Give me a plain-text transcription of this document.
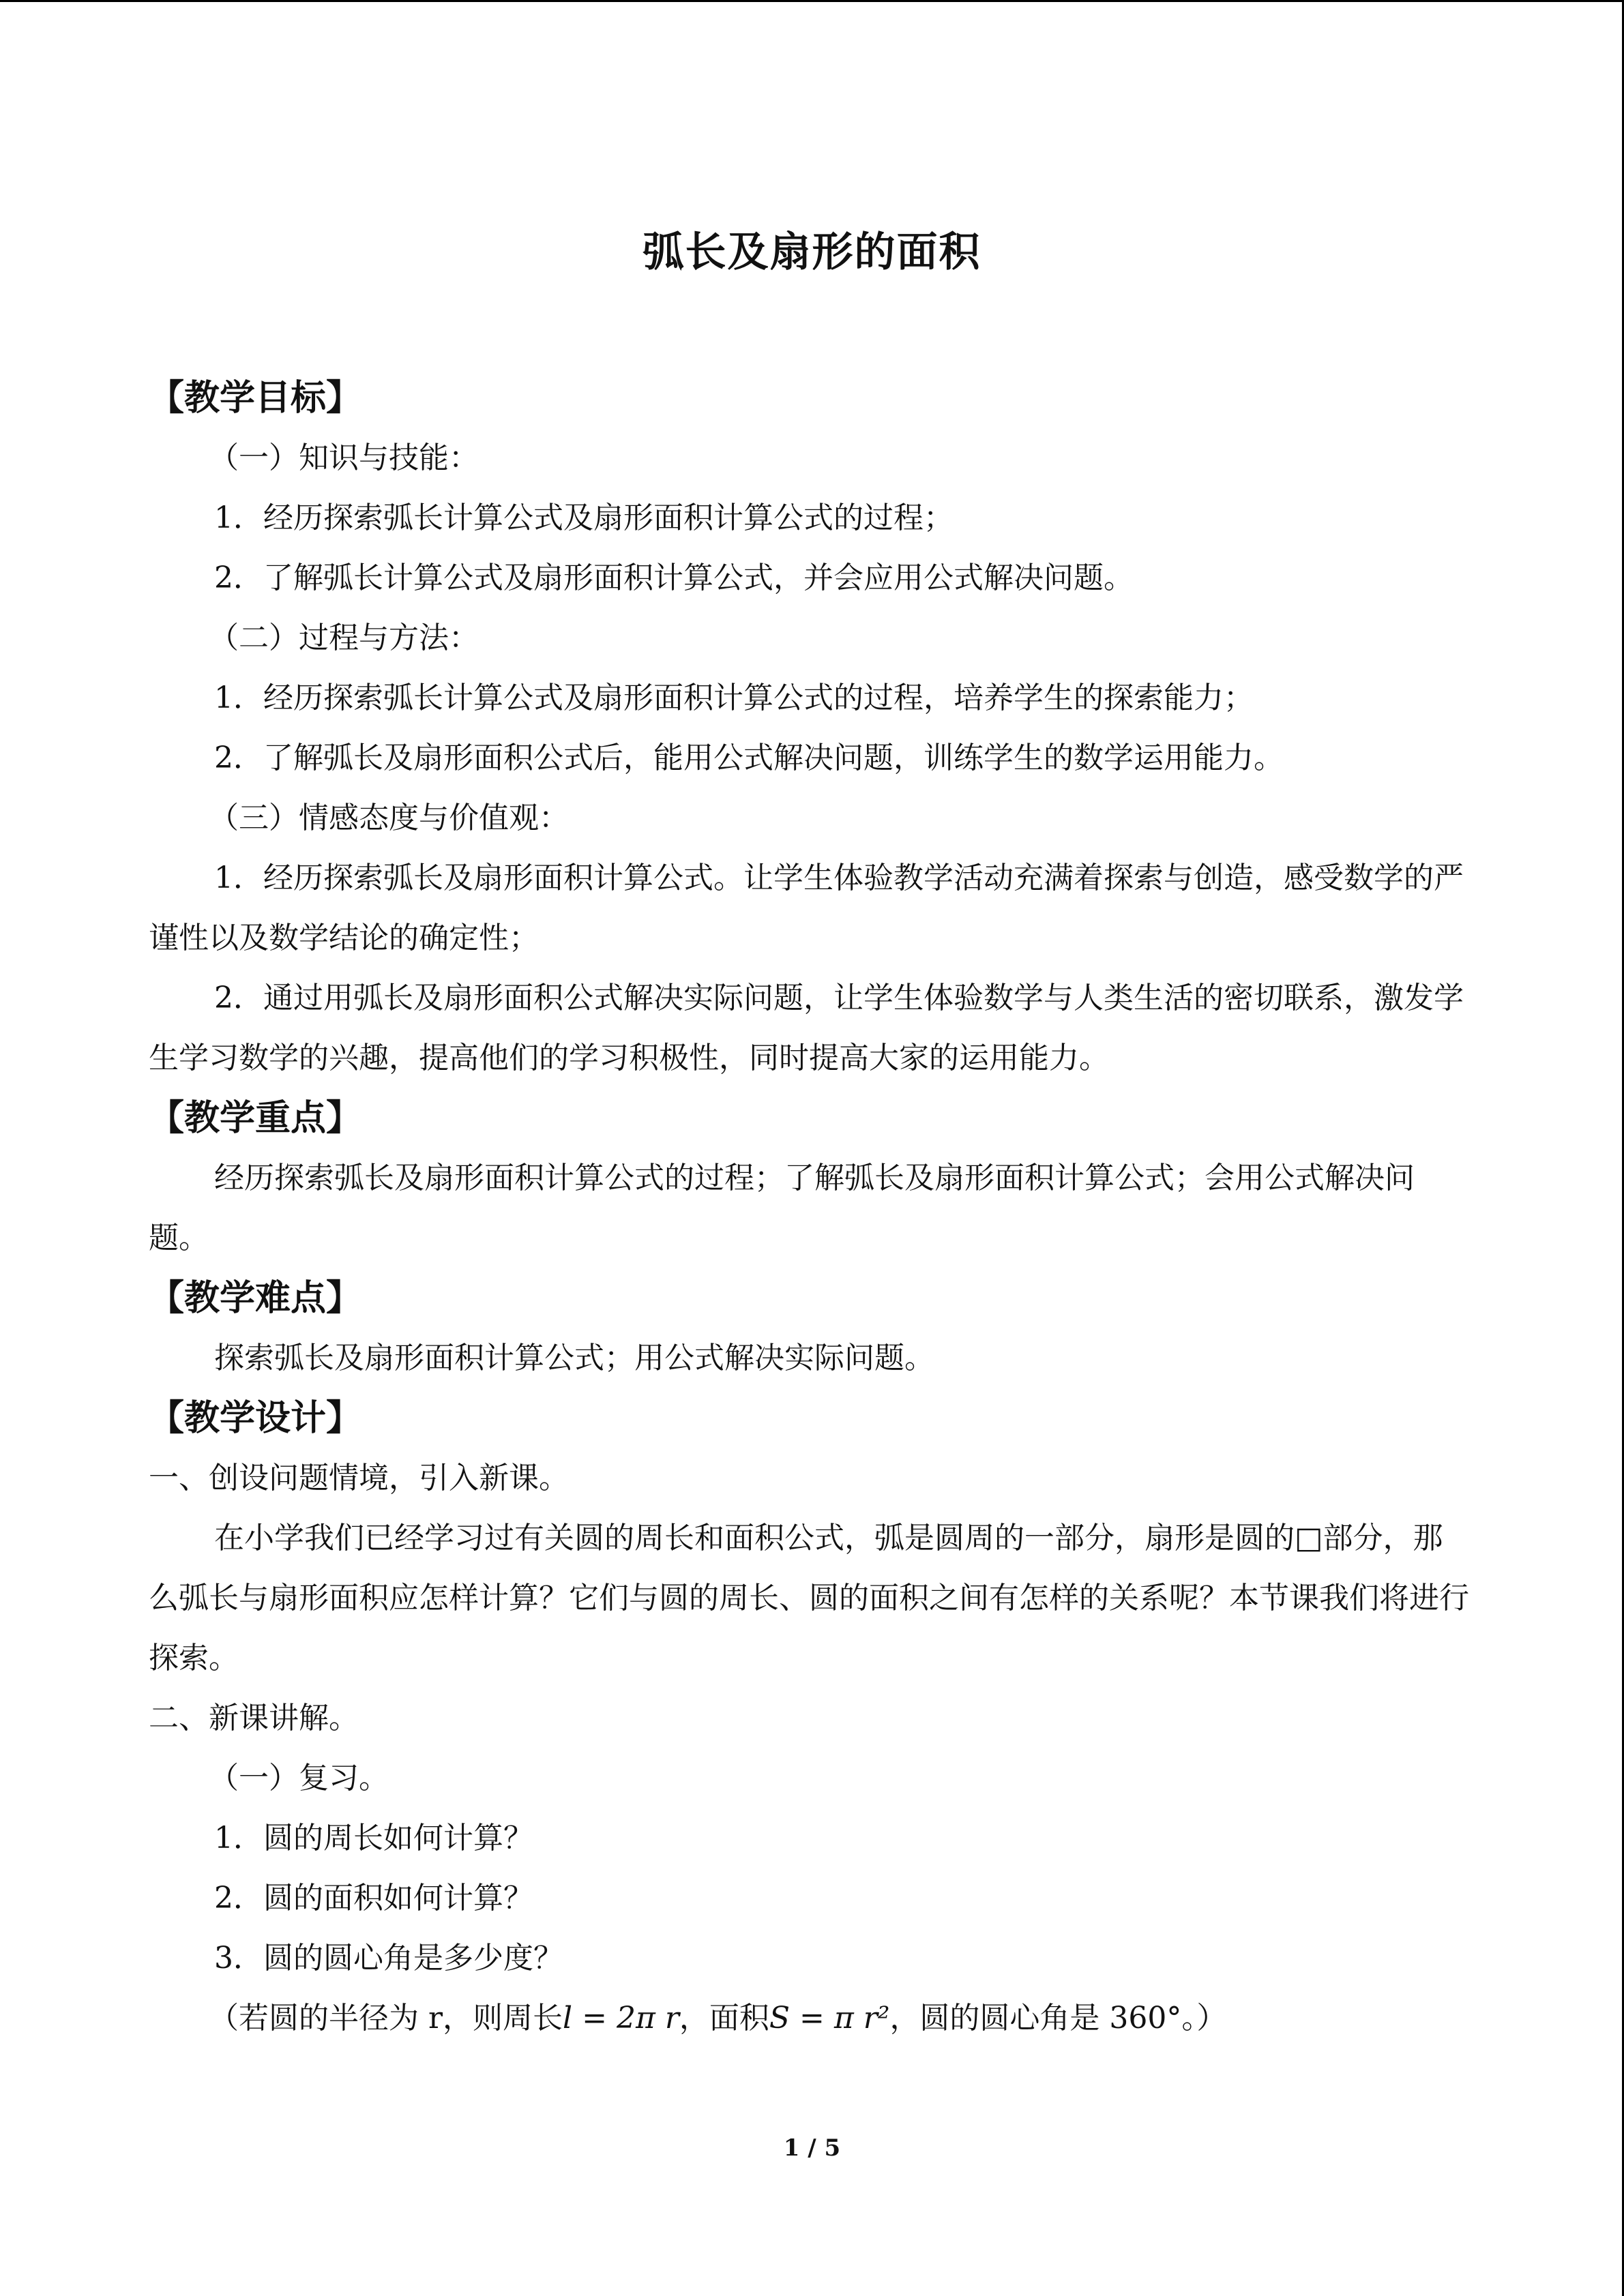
弧长及扇形的面积
【教学目标】
（一）知识与技能：
1．经历探索弧长计算公式及扇形面积计算公式的过程；
2．了解弧长计算公式及扇形面积计算公式，并会应用公式解决问题。
（二）过程与方法：
1．经历探索弧长计算公式及扇形面积计算公式的过程，培养学生的探索能力；
2．了解弧长及扇形面积公式后，能用公式解决问题，训练学生的数学运用能力。
（三）情感态度与价值观：
1．经历探索弧长及扇形面积计算公式。让学生体验教学活动充满着探索与创造，感受数学的严谨性以及数学结论的确定性；
2．通过用弧长及扇形面积公式解决实际问题，让学生体验数学与人类生活的密切联系，激发学生学习数学的兴趣，提高他们的学习积极性，同时提高大家的运用能力。
【教学重点】
经历探索弧长及扇形面积计算公式的过程；了解弧长及扇形面积计算公式；会用公式解决问题。
【教学难点】
探索弧长及扇形面积计算公式；用公式解决实际问题。
【教学设计】
一、创设问题情境，引入新课。
在小学我们已经学习过有关圆的周长和面积公式，弧是圆周的一部分，扇形是圆的□部分，那么弧长与扇形面积应怎样计算？它们与圆的周长、圆的面积之间有怎样的关系呢？本节课我们将进行探索。
二、新课讲解。
（一）复习。
1．圆的周长如何计算？
2．圆的面积如何计算？
3．圆的圆心角是多少度？
（若圆的半径为 r，则周长l = 2π r，面积S = π r²，圆的圆心角是 360°。）
1 / 5
